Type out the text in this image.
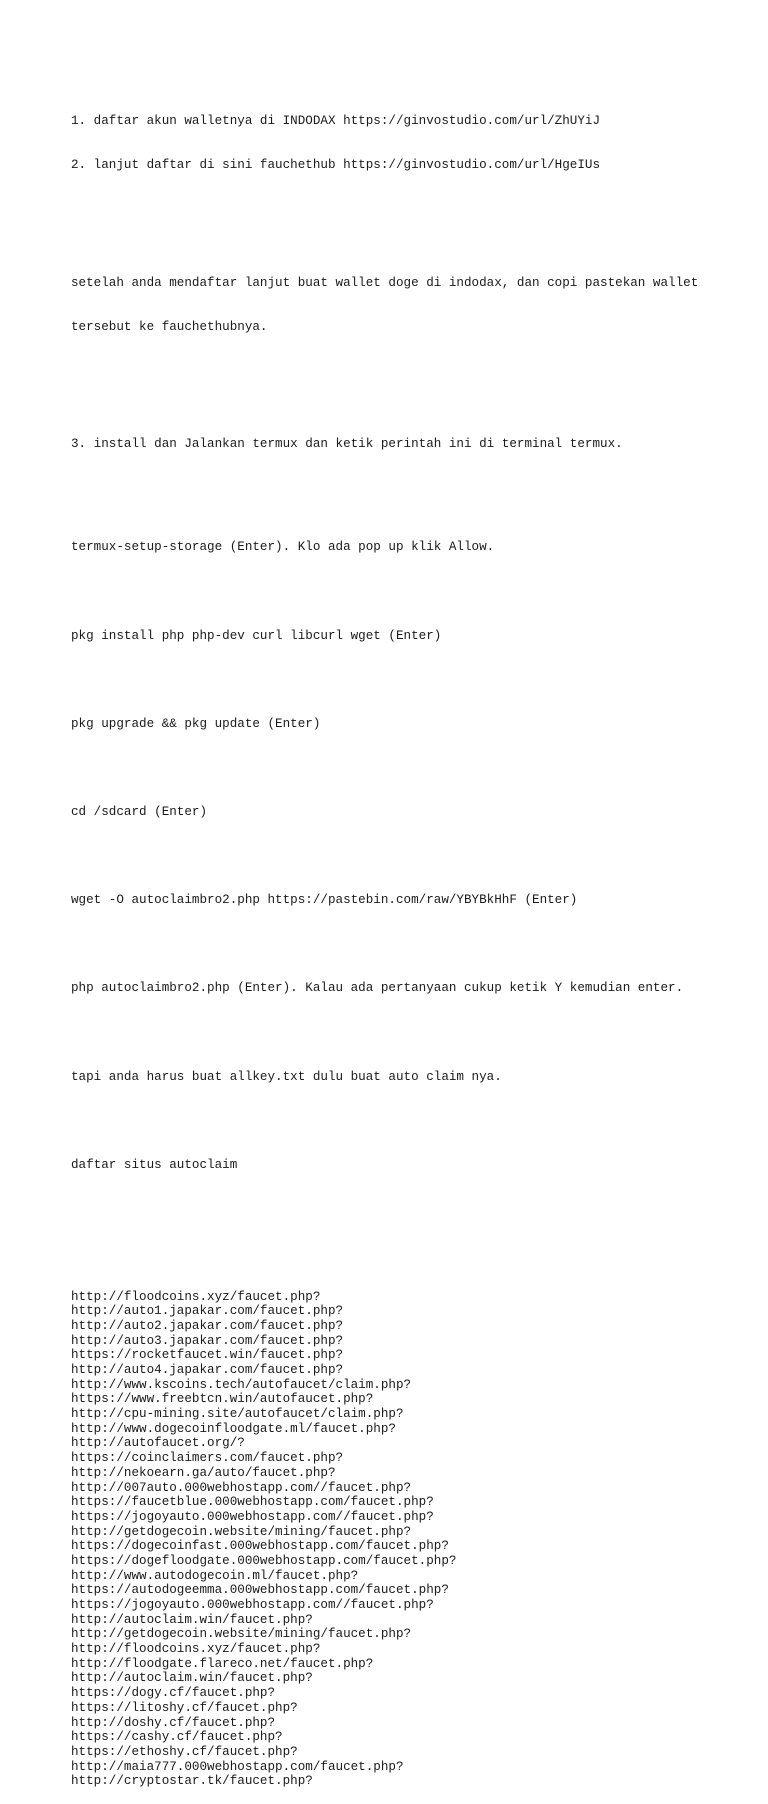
1. daftar akun walletnya di INDODAX https://ginvostudio.com/url/ZhUYiJ

2. lanjut daftar di sini fauchethub https://ginvostudio.com/url/HgeIUs

setelah anda mendaftar lanjut buat wallet doge di indodax, dan copi pastekan wallet

tersebut ke fauchethubnya.

3. install dan Jalankan termux dan ketik perintah ini di terminal termux.

termux-setup-storage (Enter). Klo ada pop up klik Allow.

pkg install php php-dev curl libcurl wget (Enter)

pkg upgrade && pkg update (Enter)

cd /sdcard (Enter)

wget -O autoclaimbro2.php https://pastebin.com/raw/YBYBkHhF (Enter)

php autoclaimbro2.php (Enter). Kalau ada pertanyaan cukup ketik Y kemudian enter.

tapi anda harus buat allkey.txt dulu buat auto claim nya.

daftar situs autoclaim

http://floodcoins.xyz/faucet.php?
http://auto1.japakar.com/faucet.php?
http://auto2.japakar.com/faucet.php?
http://auto3.japakar.com/faucet.php?
https://rocketfaucet.win/faucet.php?
http://auto4.japakar.com/faucet.php?
http://www.kscoins.tech/autofaucet/claim.php?
https://www.freebtcn.win/autofaucet.php?
http://cpu-mining.site/autofaucet/claim.php?
http://www.dogecoinfloodgate.ml/faucet.php?
http://autofaucet.org/?
https://coinclaimers.com/faucet.php?
http://nekoearn.ga/auto/faucet.php?
http://007auto.000webhostapp.com//faucet.php?
https://faucetblue.000webhostapp.com/faucet.php?
https://jogoyauto.000webhostapp.com//faucet.php?
http://getdogecoin.website/mining/faucet.php?
https://dogecoinfast.000webhostapp.com/faucet.php?
https://dogefloodgate.000webhostapp.com/faucet.php?
http://www.autodogecoin.ml/faucet.php?
https://autodogeemma.000webhostapp.com/faucet.php?
https://jogoyauto.000webhostapp.com//faucet.php?
http://autoclaim.win/faucet.php?
http://getdogecoin.website/mining/faucet.php?
http://floodcoins.xyz/faucet.php?
http://floodgate.flareco.net/faucet.php?
http://autoclaim.win/faucet.php?
https://dogy.cf/faucet.php?
https://litoshy.cf/faucet.php?
http://doshy.cf/faucet.php?
https://cashy.cf/faucet.php?
https://ethoshy.cf/faucet.php?
http://maia777.000webhostapp.com/faucet.php?
http://cryptostar.tk/faucet.php?
